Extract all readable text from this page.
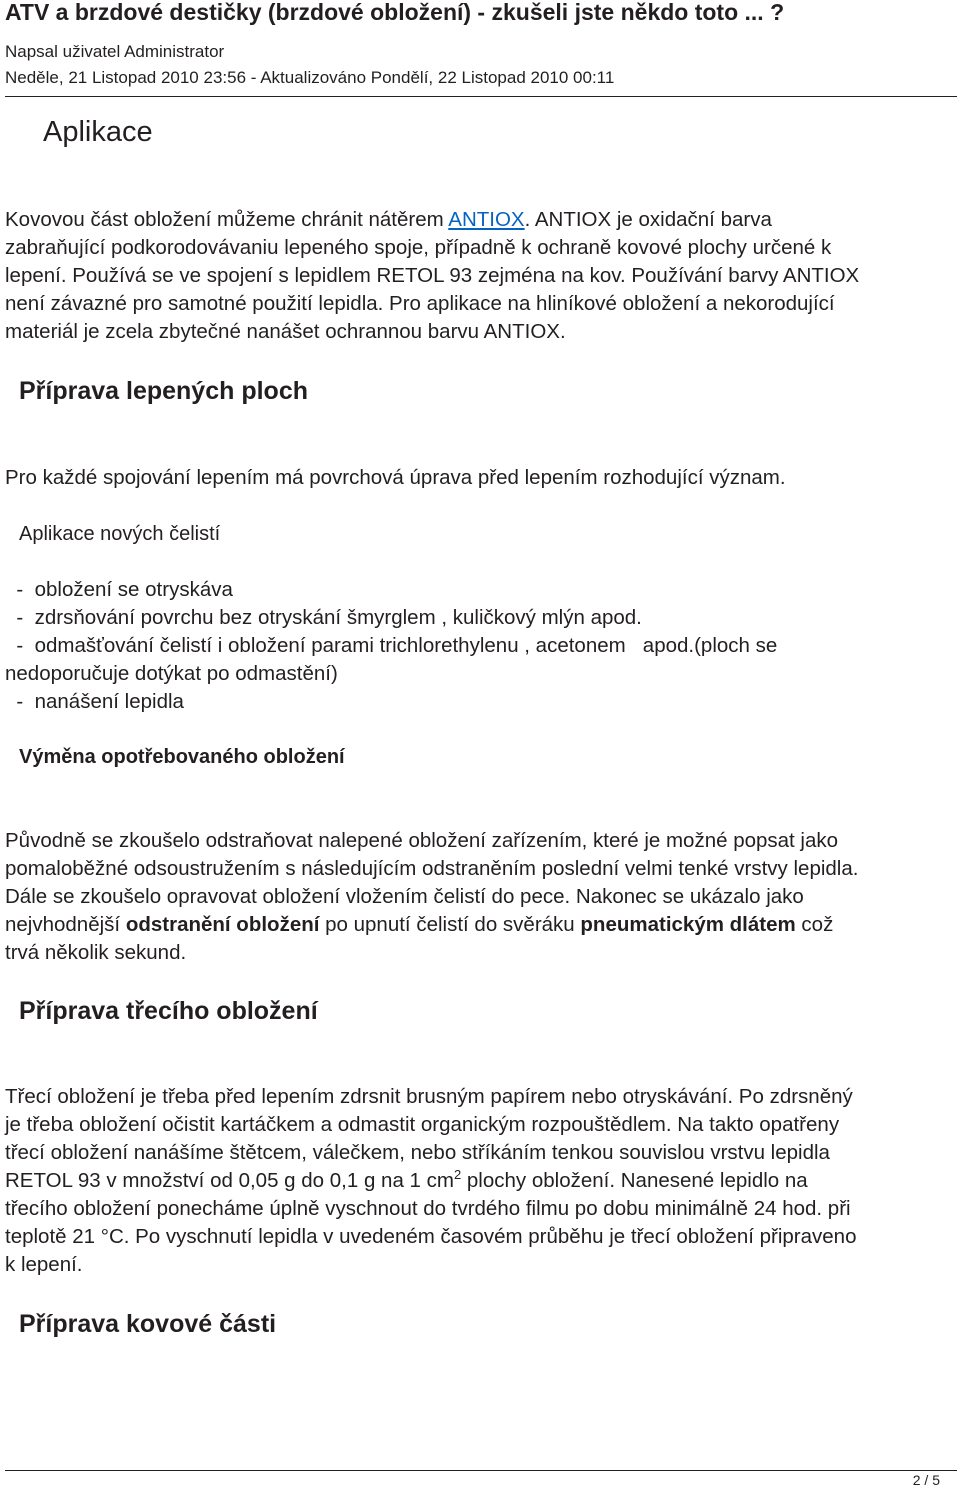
ATV a brzdové destičky (brzdové obložení) - zkušeli jste někdo toto ... ?
Napsal uživatel Administrator
Neděle, 21 Listopad 2010 23:56 - Aktualizováno Pondělí, 22 Listopad 2010 00:11
Aplikace

Kovovou část obložení můžeme chránit nátěrem ANTIOX. ANTIOX je oxidační barva
zabraňující podkorodovávaniu lepeného spoje, případně k ochraně kovové plochy určené k
lepení. Používá se ve spojení s lepidlem RETOL 93 zejména na kov. Používání barvy ANTIOX
není závazné pro samotné použití lepidla. Pro aplikace na hliníkové obložení a nekorodující
materiál je zcela zbytečné nanášet ochrannou barvu ANTIOX.

Příprava lepených ploch

Pro každé spojování lepením má povrchová úprava před lepením rozhodující význam.

Aplikace nových čelistí

-  obložení se otryskáva
-  zdrsňování povrchu bez otryskání šmyrglem , kuličkový mlýn apod.
-  odmašťování čelistí i obložení parami trichlorethylenu , acetonem   apod.(ploch se
nedoporučuje dotýkat po odmastění)
-  nanášení lepidla

Výměna opotřebovaného obložení

Původně se zkoušelo odstraňovat nalepené obložení zařízením, které je možné popsat jako
pomaloběžné odsoustružením s následujícím odstraněním poslední velmi tenké vrstvy lepidla.
Dále se zkoušelo opravovat obložení vložením čelistí do pece. Nakonec se ukázalo jako
nejvhodnější odstranění obložení po upnutí čelistí do svěráku pneumatickým dlátem což
trvá několik sekund.

Příprava třecího obložení

Třecí obložení je třeba před lepením zdrsnit brusným papírem nebo otryskávání. Po zdrsněný
je třeba obložení očistit kartáčkem a odmastit organickým rozpouštědlem. Na takto opatřeny
třecí obložení nanášíme štětcem, válečkem, nebo stříkáním tenkou souvislou vrstvu lepidla
RETOL 93 v množství od 0,05 g do 0,1 g na 1 $cm^2$ plochy obložení. Nanesené lepidlo na
třecího obložení ponecháme úplně vyschnout do tvrdého filmu po dobu minimálně 24 hod. při
teplotě 21 °C. Po vyschnutí lepidla v uvedeném časovém průběhu je třecí obložení připraveno
k lepení.

Příprava kovové části
2 / 5
